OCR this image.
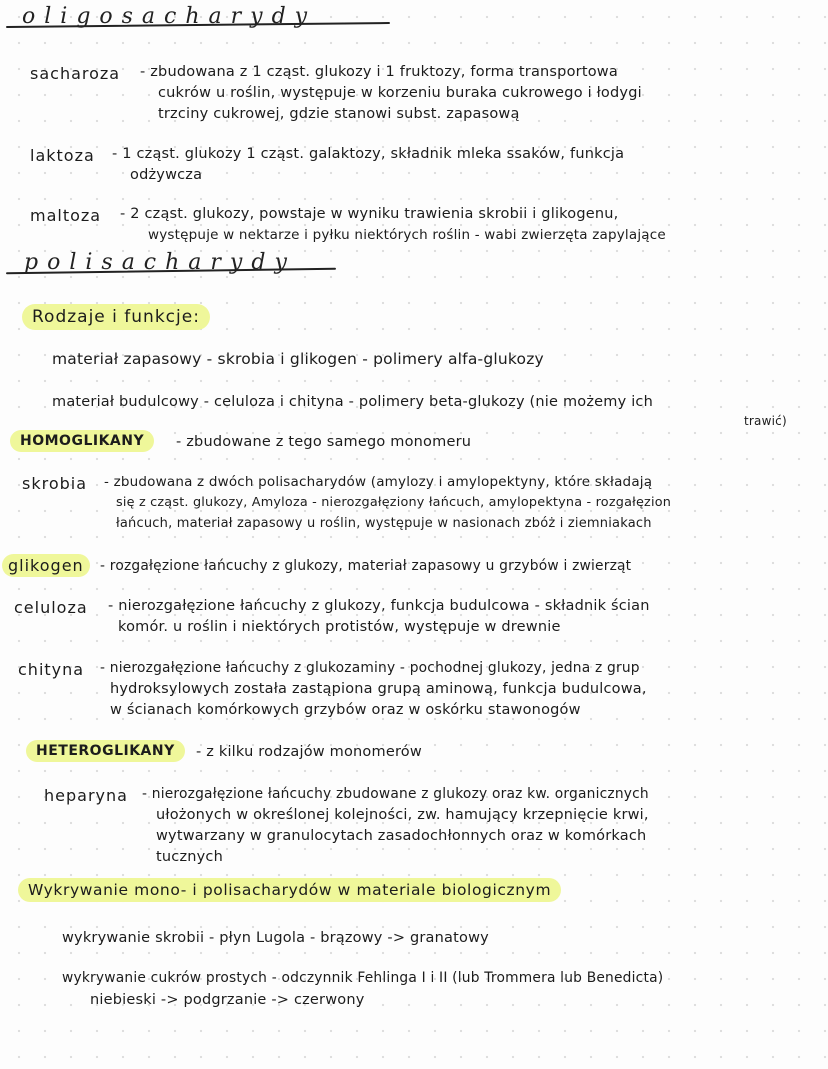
oligosacharydy
sacharoza - zbudowana z 1 cząst. glukozy i 1 fruktozy, forma transportowa
cukrów u roślin, występuje w korzeniu buraka cukrowego i łodygi
trzciny cukrowej, gdzie stanowi subst. zapasową
laktoza - 1 cząst. glukozy 1 cząst. galaktozy, składnik mleka ssaków, funkcja
odżywcza
maltoza - 2 cząst. glukozy, powstaje w wyniku trawienia skrobii i glikogenu,
występuje w nektarze i pyłku niektórych roślin - wabi zwierzęta zapylające
polisacharydy
Rodzaje i funkcje:
materiał zapasowy - skrobia i glikogen - polimery alfa-glukozy
materiał budulcowy - celuloza i chityna - polimery beta-glukozy (nie możemy ich
trawić)
HOMOGLIKANY	- zbudowane z tego samego monomeru
skrobia - zbudowana z dwóch polisacharydów (amylozy i amylopektyny, które składają
się z cząst. glukozy, Amyloza - nierozgałęziony łańcuch, amylopektyna - rozgałęzion
łańcuch, materiał zapasowy u roślin, występuje w nasionach zbóż i ziemniakach
glikogen	- rozgałęzione łańcuchy z glukozy, materiał zapasowy u grzybów i zwierząt
celuloza - nierozgałęzione łańcuchy z glukozy, funkcja budulcowa - składnik ścian
komór. u roślin i niektórych protistów, występuje w drewnie
chityna - nierozgałęzione łańcuchy z glukozaminy - pochodnej glukozy, jedna z grup
hydroksylowych została zastąpiona grupą aminową, funkcja budulcowa,
w ścianach komórkowych grzybów oraz w oskórku stawonogów
HETEROGLIKANY	- z kilku rodzajów monomerów
heparyna - nierozgałęzione łańcuchy zbudowane z glukozy oraz kw. organicznych
ułożonych w określonej kolejności, zw. hamujący krzepnięcie krwi,
wytwarzany w granulocytach zasadochłonnych oraz w komórkach
tucznych
Wykrywanie mono- i polisacharydów w materiale biologicznym
wykrywanie skrobii - płyn Lugola - brązowy -> granatowy
wykrywanie cukrów prostych - odczynnik Fehlinga I i II (lub Trommera lub Benedicta)
niebieski -> podgrzanie -> czerwony
